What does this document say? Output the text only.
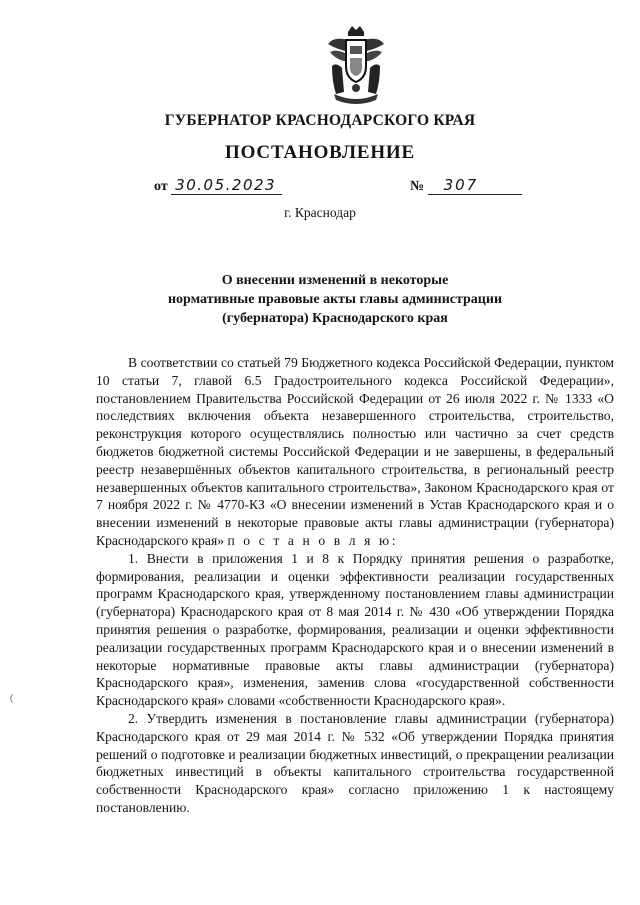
ГУБЕРНАТОР КРАСНОДАРСКОГО КРАЯ
ПОСТАНОВЛЕНИЕ
от 30.05.2023	№ 307
г. Краснодар
О внесении изменений в некоторые
нормативные правовые акты главы администрации
(губернатора) Краснодарского края

В соответствии со статьей 79 Бюджетного кодекса Российской Федерации, пунктом 10 статьи 7, главой 6.5 Градостроительного кодекса Российской Федерации», постановлением Правительства Российской Федерации от 26 июля 2022 г. № 1333 «О последствиях включения объекта незавершенного строительства, строительство, реконструкция которого осуществлялись полностью или частично за счет средств бюджетов бюджетной системы Российской Федерации и не завершены, в федеральный реестр незавершённых объектов капитального строительства, в региональный реестр незавершенных объектов капитального строительства», Законом Краснодарского края от 7 ноября 2022 г. № 4770-КЗ «О внесении изменений в Устав Краснодарского края и о внесении изменений в некоторые правовые акты главы администрации (губернатора) Краснодарского края» п о с т а н о в л я ю:

1. Внести в приложения 1 и 8 к Порядку принятия решения о разработке, формирования, реализации и оценки эффективности реализации государственных программ Краснодарского края, утвержденному постановлением главы администрации (губернатора) Краснодарского края от 8 мая 2014 г. № 430 «Об утверждении Порядка принятия решения о разработке, формирования, реализации и оценки эффективности реализации государственных программ Краснодарского края и о внесении изменений в некоторые нормативные правовые акты главы администрации (губернатора) Краснодарского края», изменения, заменив слова «государственной собственности Краснодарского края» словами «собственности Краснодарского края».

2. Утвердить изменения в постановление главы администрации (губернатора) Краснодарского края от 29 мая 2014 г. № 532 «Об утверждении Порядка принятия решений о подготовке и реализации бюджетных инвестиций, о прекращении реализации бюджетных инвестиций в объекты капитального строительства государственной собственности Краснодарского края» согласно приложению 1 к настоящему постановлению.

(
